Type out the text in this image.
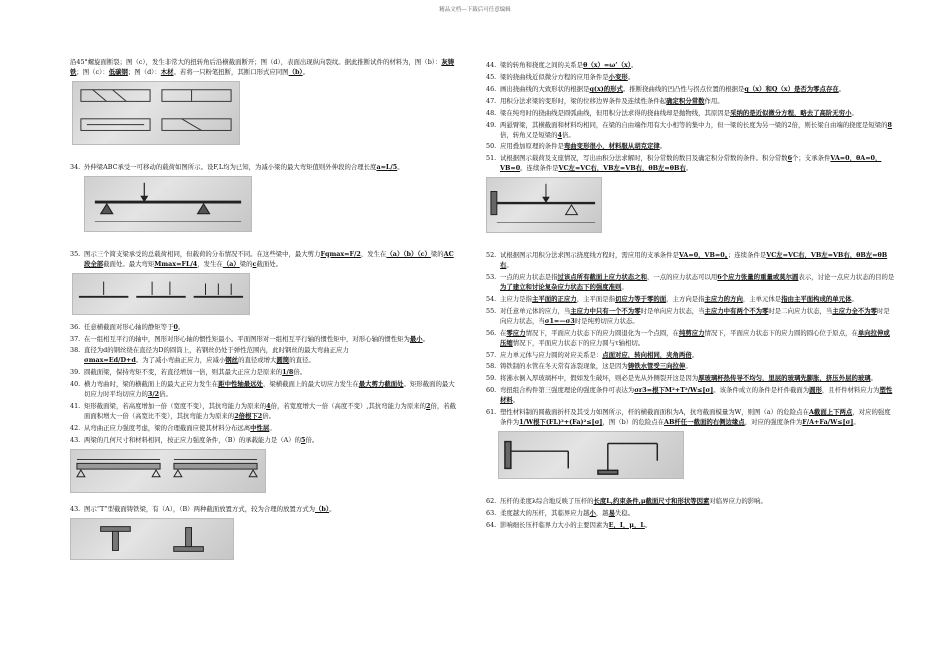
精品文档---下载后可任意编辑
沿45°螺旋面断裂；图（c），发生非常大的扭转角后沿横截面断开；图（d），表面出现纵向裂纹。据此推断试件的材料为，图（b）：灰铸铁；图（c）：低碳钢；图（d）：木材。若将一只粉笔扭断，其断口形式应同图（b）。
34. 外伸梁ABC承受一可移动的载荷如图所示。设F,L均为已知，为减小梁的最大弯矩值则外伸段的合理长度a=L/5。
35. 图示三个简支梁承受的总载荷相同，但载荷的分布情况不同。在这些梁中，最大剪力Fqmax=F/2，发生在（a）（b）（c）梁的AC段全部截面处。最大弯矩Mmax=FL/4，发生在（a）梁的c截面处。
36. 任意横截面对形心轴的静矩等于0。
37. 在一组相互平行的轴中，图形对形心轴的惯性矩最小。平面图形对一组相互平行轴的惯性矩中，对形心轴的惯性矩为最小。
38. 直径为d的钢丝绕在直径为D的圆筒上，若钢丝仍处于弹性范围内，此时钢丝的最大弯曲正应力
σmax=Ed/D+d。为了减小弯曲正应力，应减小钢丝的直径或增大圆筒的直径。
39. 圆截面梁，保持弯矩不变，若直径增加一倍，则其最大正应力是原来的1/8倍。
40. 横力弯曲时，梁的横截面上的最大正应力发生在距中性轴最远处，梁横截面上的最大切应力发生在最大剪力截面处。矩形截面的最大切应力时平均切应力的3/2倍。
41. 矩形截面梁，若高度增加一倍（宽度不变），其抗弯能力为原来的4倍，若宽度增大一倍（高度不变）,其抗弯能力为原来的2倍，若截面面积增大一倍（高宽比不变），其抗弯能力为原来的2倍根下2倍。
42. 从弯曲正应力强度考虑，梁的合理截面应使其材料分布远离中性层。
43. 两梁的几何尺寸和材料相同，按正应力强度条件，（B）的承载能力是（A）的5倍。
43. 图示“T”型截面铸铁梁，有（A），（B）两种截面放置方式，较为合理的放置方式为（b）。
44. 梁的转角和挠度之间的关系是θ（x）=ω’（x）。
45. 梁的挠曲线近似微分方程的应用条件是小变形。
46. 画出挠曲线的大致形状的根据是q(x)的形式。推断挠曲线的凹凸性与拐点位置的根据是q（x）和Q（x）是否为零点存在。
47. 用积分法求梁的变形时，梁的位移边界条件及连续性条件起确定积分常数作用。
48. 梁在纯弯时的挠曲线是圆弧曲线，但用积分法求得的挠曲线却是抛物线，其原因是采纳的是近似微分方程，略去了高阶无穷小。
49. 两悬臂梁，其横截面和材料均相同，在梁的自由端作用有大小相等的集中力，但一梁的长度为另一梁的2倍，则长梁自由端的挠度是短梁的8倍，转角又是短梁的4倍。
50. 应用叠加原理的条件是弯曲变形很小，材料服从胡克定律。
51. 试根据图示载荷及支座情况，写出由积分法求解时，积分常数的数目及确定积分常数的条件。积分常数6个；支承条件VA=0，θA=0，VB=0。连续条件是VC左=VC右，VB左=VB右，θB左=θB右。
52. 试根据图示用积分法求图示挠度线方程时，需应用的支承条件是VA=0，VB=0。；连续条件是VC左=VC右，VB左=VB右，θB左=θB右。
53. 一点的应力状态是指过该点所有截面上应力状态之和，一点的应力状态可以用6个应力张量的重量或莫尔圆表示，讨论一点应力状态的目的是为了建立和讨论复杂应力状态下的强度准则。
54. 主应力是指主平面的正应力，主平面是指切应力等于零的面，主方向是指主应力的方向，主单元体是指由主平面构成的单元体。
55. 对任意单元体的应力，当主应力中只有一个不为零时是单向应力状态，当主应力中有两个不为零时是二向应力状态，当主应力全不为零时是向应力状态，当σ1=—σ3时是纯剪切应力状态。
56. 在零应力情况下，平面应力状态下的应力圆退化为一个点圆，在纯剪应力情况下，平面应力状态下的应力圆的圆心位于原点，在单向拉伸或压缩情况下，平面应力状态下的应力圆与τ轴相切。
57. 应力单元体与应力圆的对应关系是：点面对应，转向相同，夹角两倍。
58. 铸铁制的水管在冬天常有冻裂现象，这是因为铸铁水管受三向拉伸。
59. 将沸水倒入厚玻璃杯中，假如发生破坏，则必是先从外侧裂开这是因为厚玻璃杯热传导不均匀，里层的玻璃先膨胀，挤压外层的玻璃。
60. 弯扭组合构件第三强度理论的强度条件可表达为σr3=根下M²+T²/W≤[σ]。该条件成立的条件是杆件截面为圆形，且杆件材料应力为塑性材料。
61. 塑性材料制的圆截面折杆及其受力如图所示，杆的横截面面积为A，抗弯截面模量为W，则图（a）的危险点在A截面上下两点，对应的强度条件为1/W根下(FL)²+(Fa)²≤[σ]，图（b）的危险点在AB杆任一截面的右侧边缘点，对应的强度条件为F/A+Fa/W≤[σ]。
62. 压杆的柔度λ综合地反映了压杆的长度L,约束条件,μ截面尺寸和形状等因素对临界应力的影响。
63. 柔度越大的压杆，其临界应力越小，越易失稳。
64. 影响细长压杆临界力大小的主要因素为E，I，μ，L。
